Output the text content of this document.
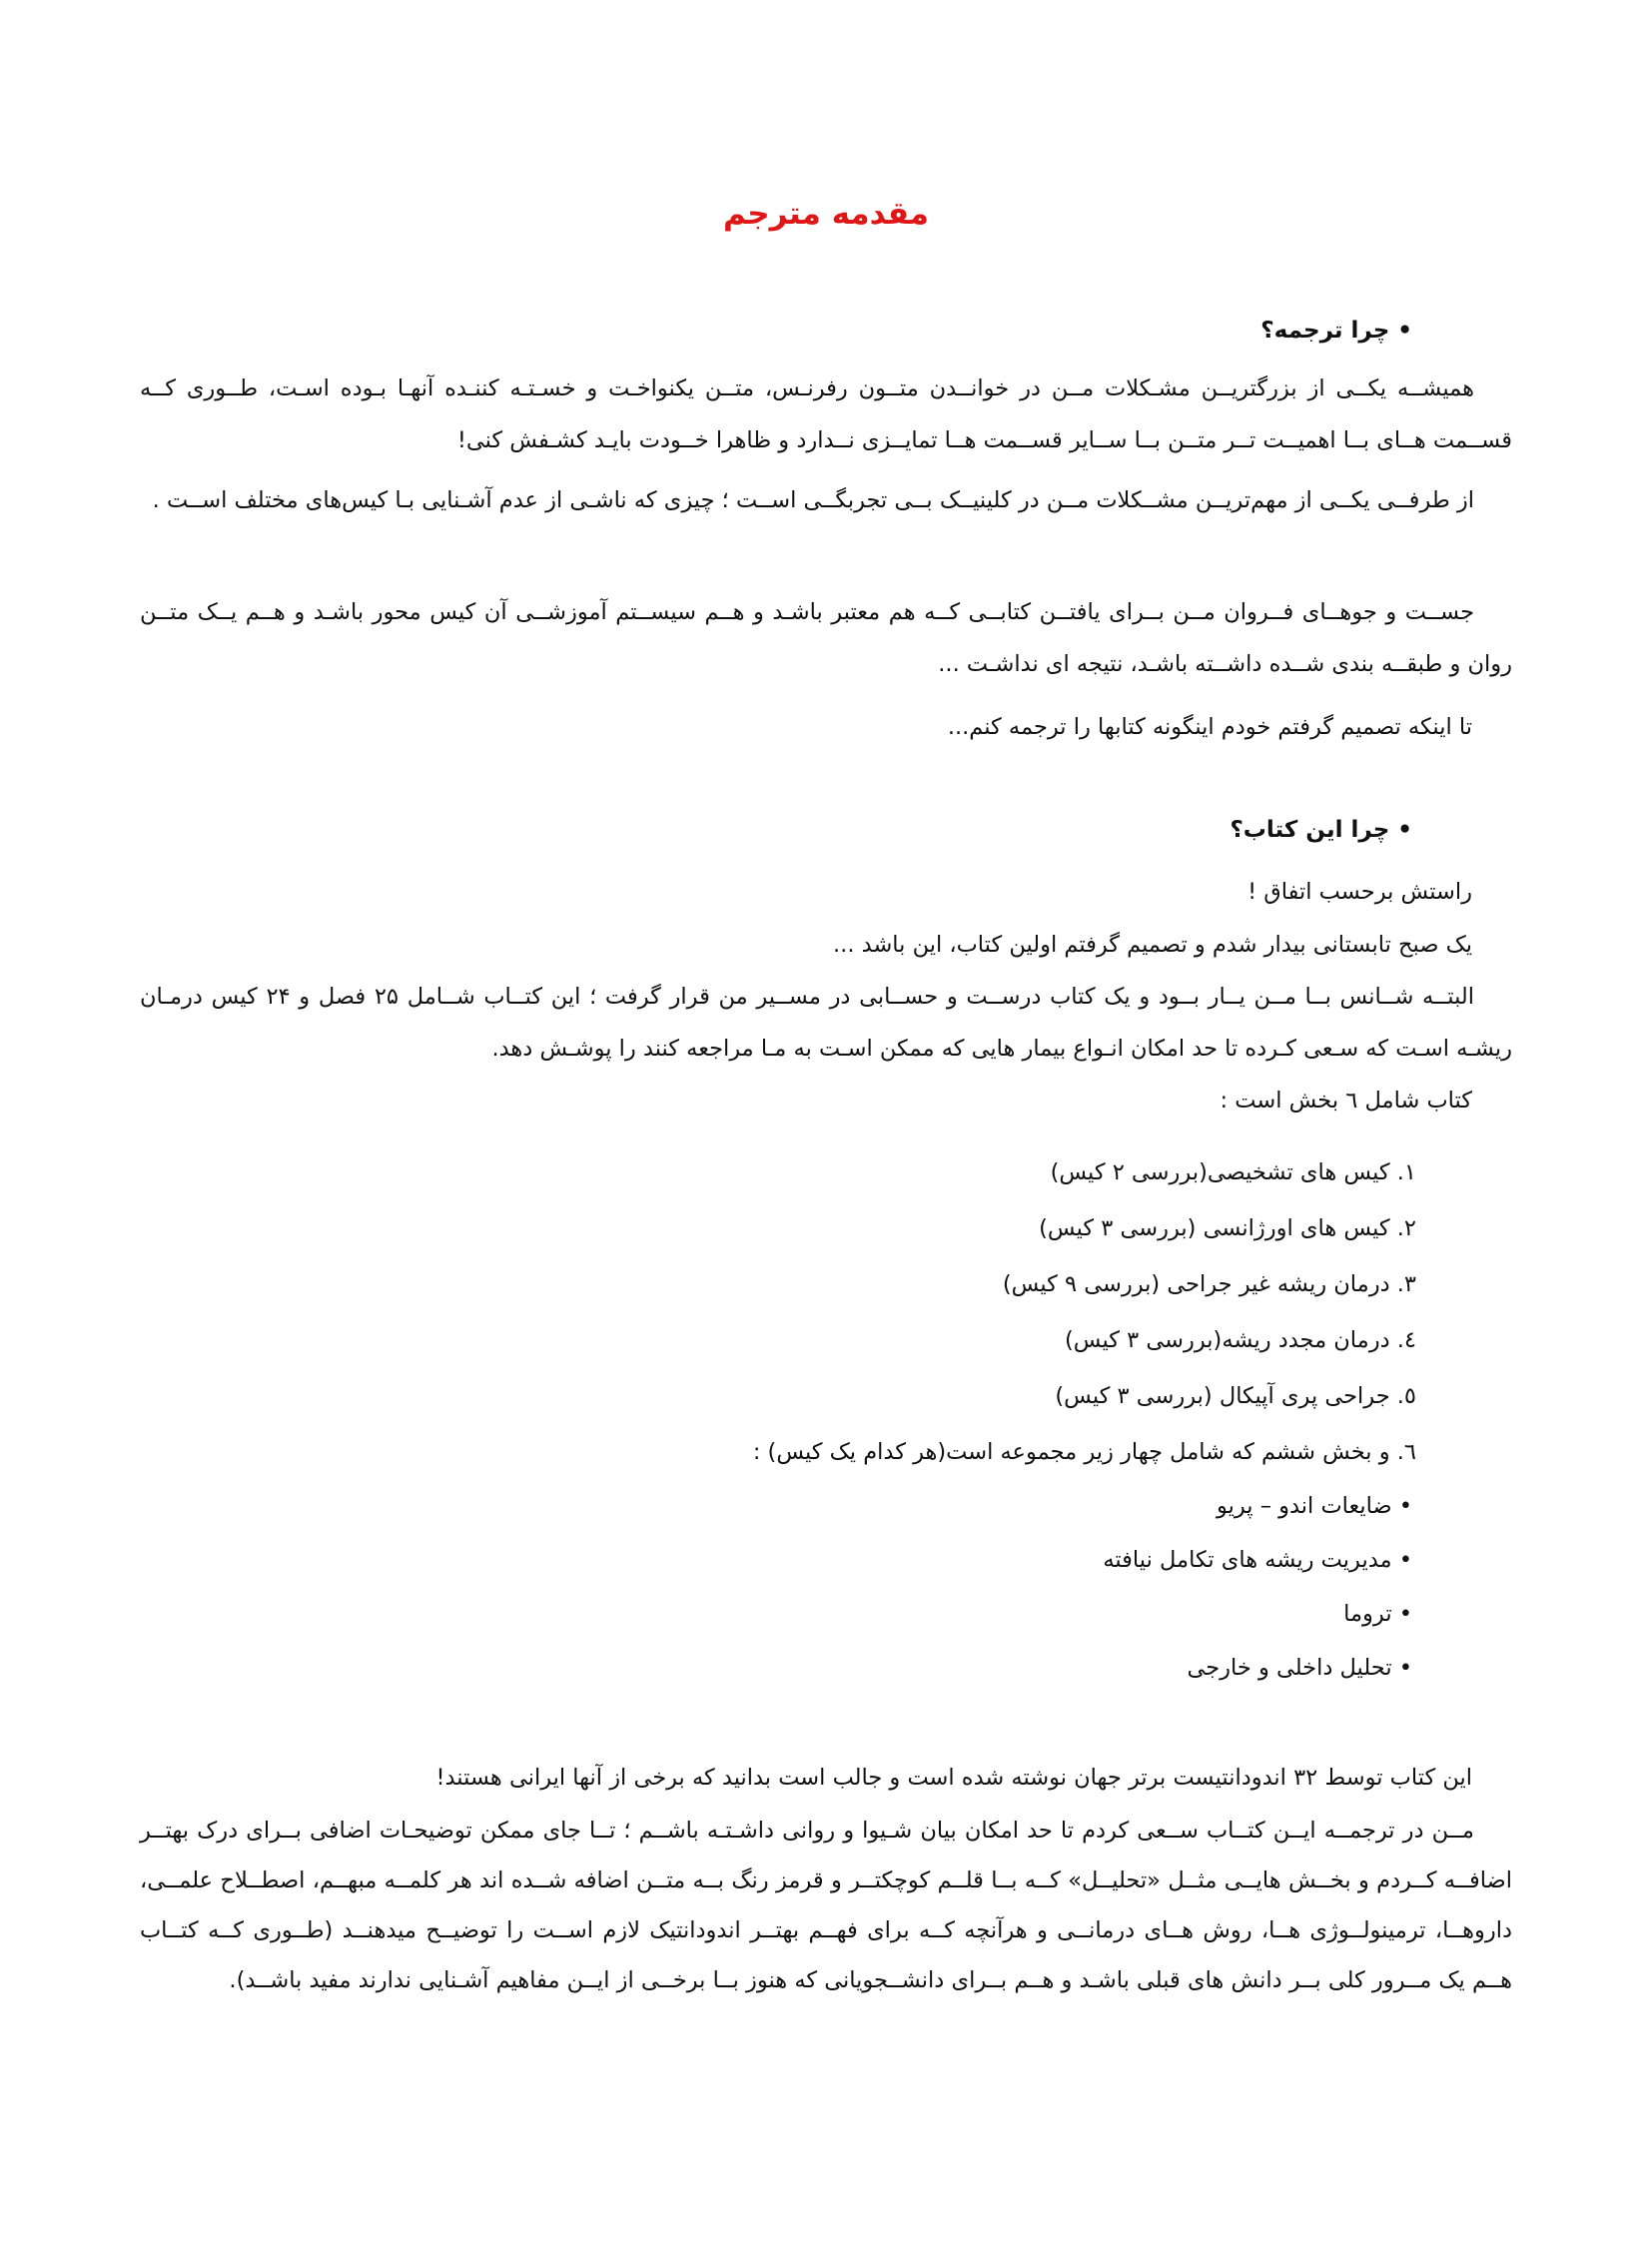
مقدمه مترجم
• چرا ترجمه؟
همیشــه یکــی از بزرگتریــن مشـکلات مــن در خوانــدن متــون رفرنـس، متــن یکنواخـت و خسـتـه کننـده آنهـا بـوده اسـت، طــوری کــه قســمت هــای بــا اهمیــت تــر متــن بــا ســایر قســمت هــا تمایــزی نــدارد و ظاهرا خــودت بایـد کشـفش کنی!
از طرفــی یکــی از مهم‌تریــن مشــکلات مــن در کلینیــک بــی تجربگــی اســت ؛ چیزی که ناشـی از عدم آشـنایی بـا کیس‌های مختلف اســت .
جســت و جوهــای فــروان مــن بــرای یافتــن کتابــی کــه هم معتبر باشـد و هــم سیســتم آموزشــی آن کیس محور باشـد و هــم یــک متــن روان و طبقــه بندی شــده داشــته باشـد، نتیجه ای نداشـت ...
تا اینکه تصمیم گرفتم خودم اینگونه کتابها را ترجمه کنم...
• چرا این کتاب؟
راستش برحسب اتفاق !
یک صبح تابستانی بیدار شدم و تصمیم گرفتم اولین کتاب، این باشد ...
البتــه شــانس بــا مــن یــار بــود و یک کتاب درســت و حســابی در مســیر من قرار گرفت ؛ این کتــاب شــامل ۲۵ فصل و ۲۴ کیس درمـان ریشـه اسـت که سـعی کـرده تا حد امکان انـواع بیمار هایی که ممکن اسـت به مـا مراجعه کنند را پوشـش دهد.
کتاب شامل ٦ بخش است :
۱. کیس های تشخیصی(بررسی ۲ کیس)
۲. کیس های اورژانسی (بررسی ۳ کیس)
۳. درمان ریشه غیر جراحی (بررسی ۹ کیس)
٤. درمان مجدد ریشه(بررسی ۳ کیس)
٥. جراحی پری آپیکال (بررسی ۳ کیس)
٦. و بخش ششم که شامل چهار زیر مجموعه است(هر کدام یک کیس) :
• ضایعات اندو – پریو
• مدیریت ریشه های تکامل نیافته
• تروما
• تحلیل داخلی و خارجی
این کتاب توسط ۳۲ اندودانتیست برتر جهان نوشته شده است و جالب است بدانید که برخی از آنها ایرانی هستند!
مــن در ترجمــه ایــن کتــاب ســعی کردم تا حد امکان بیان شـیوا و روانی داشـتـه باشــم ؛ تــا جای ممکن توضیحـات اضافی بــرای درک بهتــر اضافــه کــردم و بخــش هایــی مثــل «تحلیــل» کــه بــا قلــم کوچکتــر و قرمز رنگ بــه متــن اضافه شــده اند هر کلمــه مبهــم، اصطــلاح علمــی، داروهــا، ترمینولــوژی هــا، روش هــای درمانــی و هرآنچه کــه برای فهــم بهتــر اندودانتیک لازم اســت را توضیــح میدهنــد (طــوری کــه کتــاب هــم یک مــرور کلی بــر دانش های قبلی باشـد و هــم بــرای دانشــجویانی که هنوز بــا برخــی از ایــن مفاهیم آشـنایی ندارند مفید باشــد).
